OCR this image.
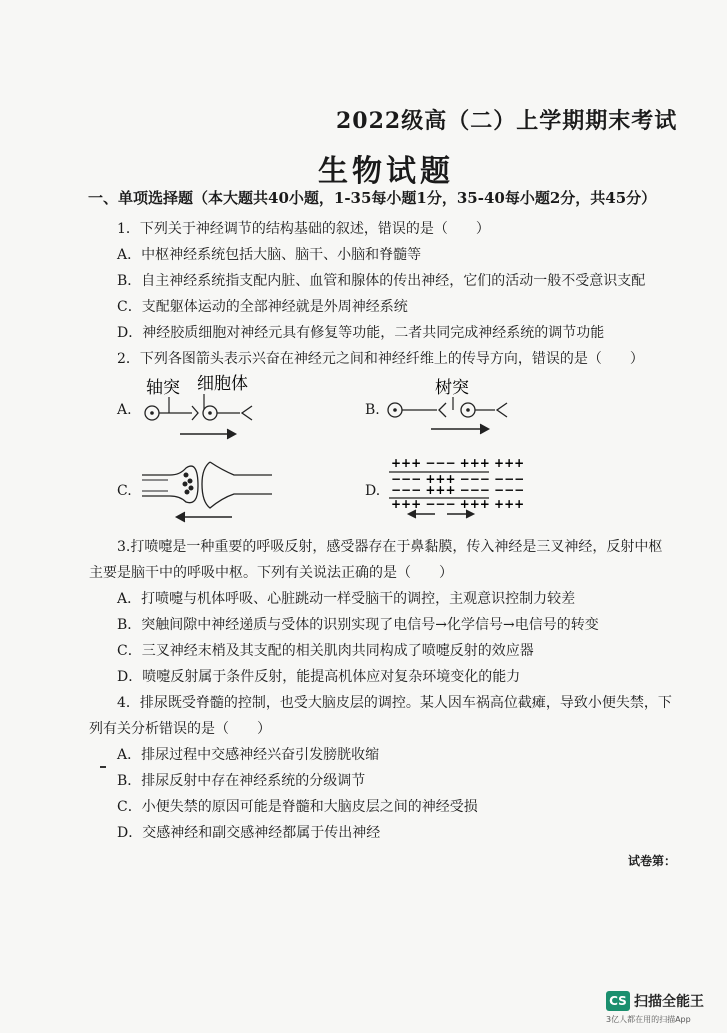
2022级高（二）上学期期末考试
生物试题
一、单项选择题（本大题共40小题，1-35每小题1分，35-40每小题2分，共45分）
1．下列关于神经调节的结构基础的叙述，错误的是（　　）
A．中枢神经系统包括大脑、脑干、小脑和脊髓等
B．自主神经系统指支配内脏、血管和腺体的传出神经，它们的活动一般不受意识支配
C．支配躯体运动的全部神经就是外周神经系统
D．神经胶质细胞对神经元具有修复等功能，二者共同完成神经系统的调节功能
2．下列各图箭头表示兴奋在神经元之间和神经纤维上的传导方向，错误的是（　　）
A.
轴突 细胞体
B.
树突
C.	D.
+++ −−− +++ +++
−−− +++ −−− −−−
−−− +++ −−− −−−
+++ −−− +++ +++
3.打喷嚏是一种重要的呼吸反射，感受器存在于鼻黏膜，传入神经是三叉神经，反射中枢
主要是脑干中的呼吸中枢。下列有关说法正确的是（　　）
A．打喷嚏与机体呼吸、心脏跳动一样受脑干的调控，主观意识控制力较差
B．突触间隙中神经递质与受体的识别实现了电信号→化学信号→电信号的转变
C．三叉神经末梢及其支配的相关肌肉共同构成了喷嚏反射的效应器
D．喷嚏反射属于条件反射，能提高机体应对复杂环境变化的能力
4．排尿既受脊髓的控制，也受大脑皮层的调控。某人因车祸高位截瘫，导致小便失禁，下
列有关分析错误的是（　　）
A．排尿过程中交感神经兴奋引发膀胱收缩
B．排尿反射中存在神经系统的分级调节
C．小便失禁的原因可能是脊髓和大脑皮层之间的神经受损
D．交感神经和副交感神经都属于传出神经
试卷第：
CS 扫描全能王
3亿人都在用的扫描App
